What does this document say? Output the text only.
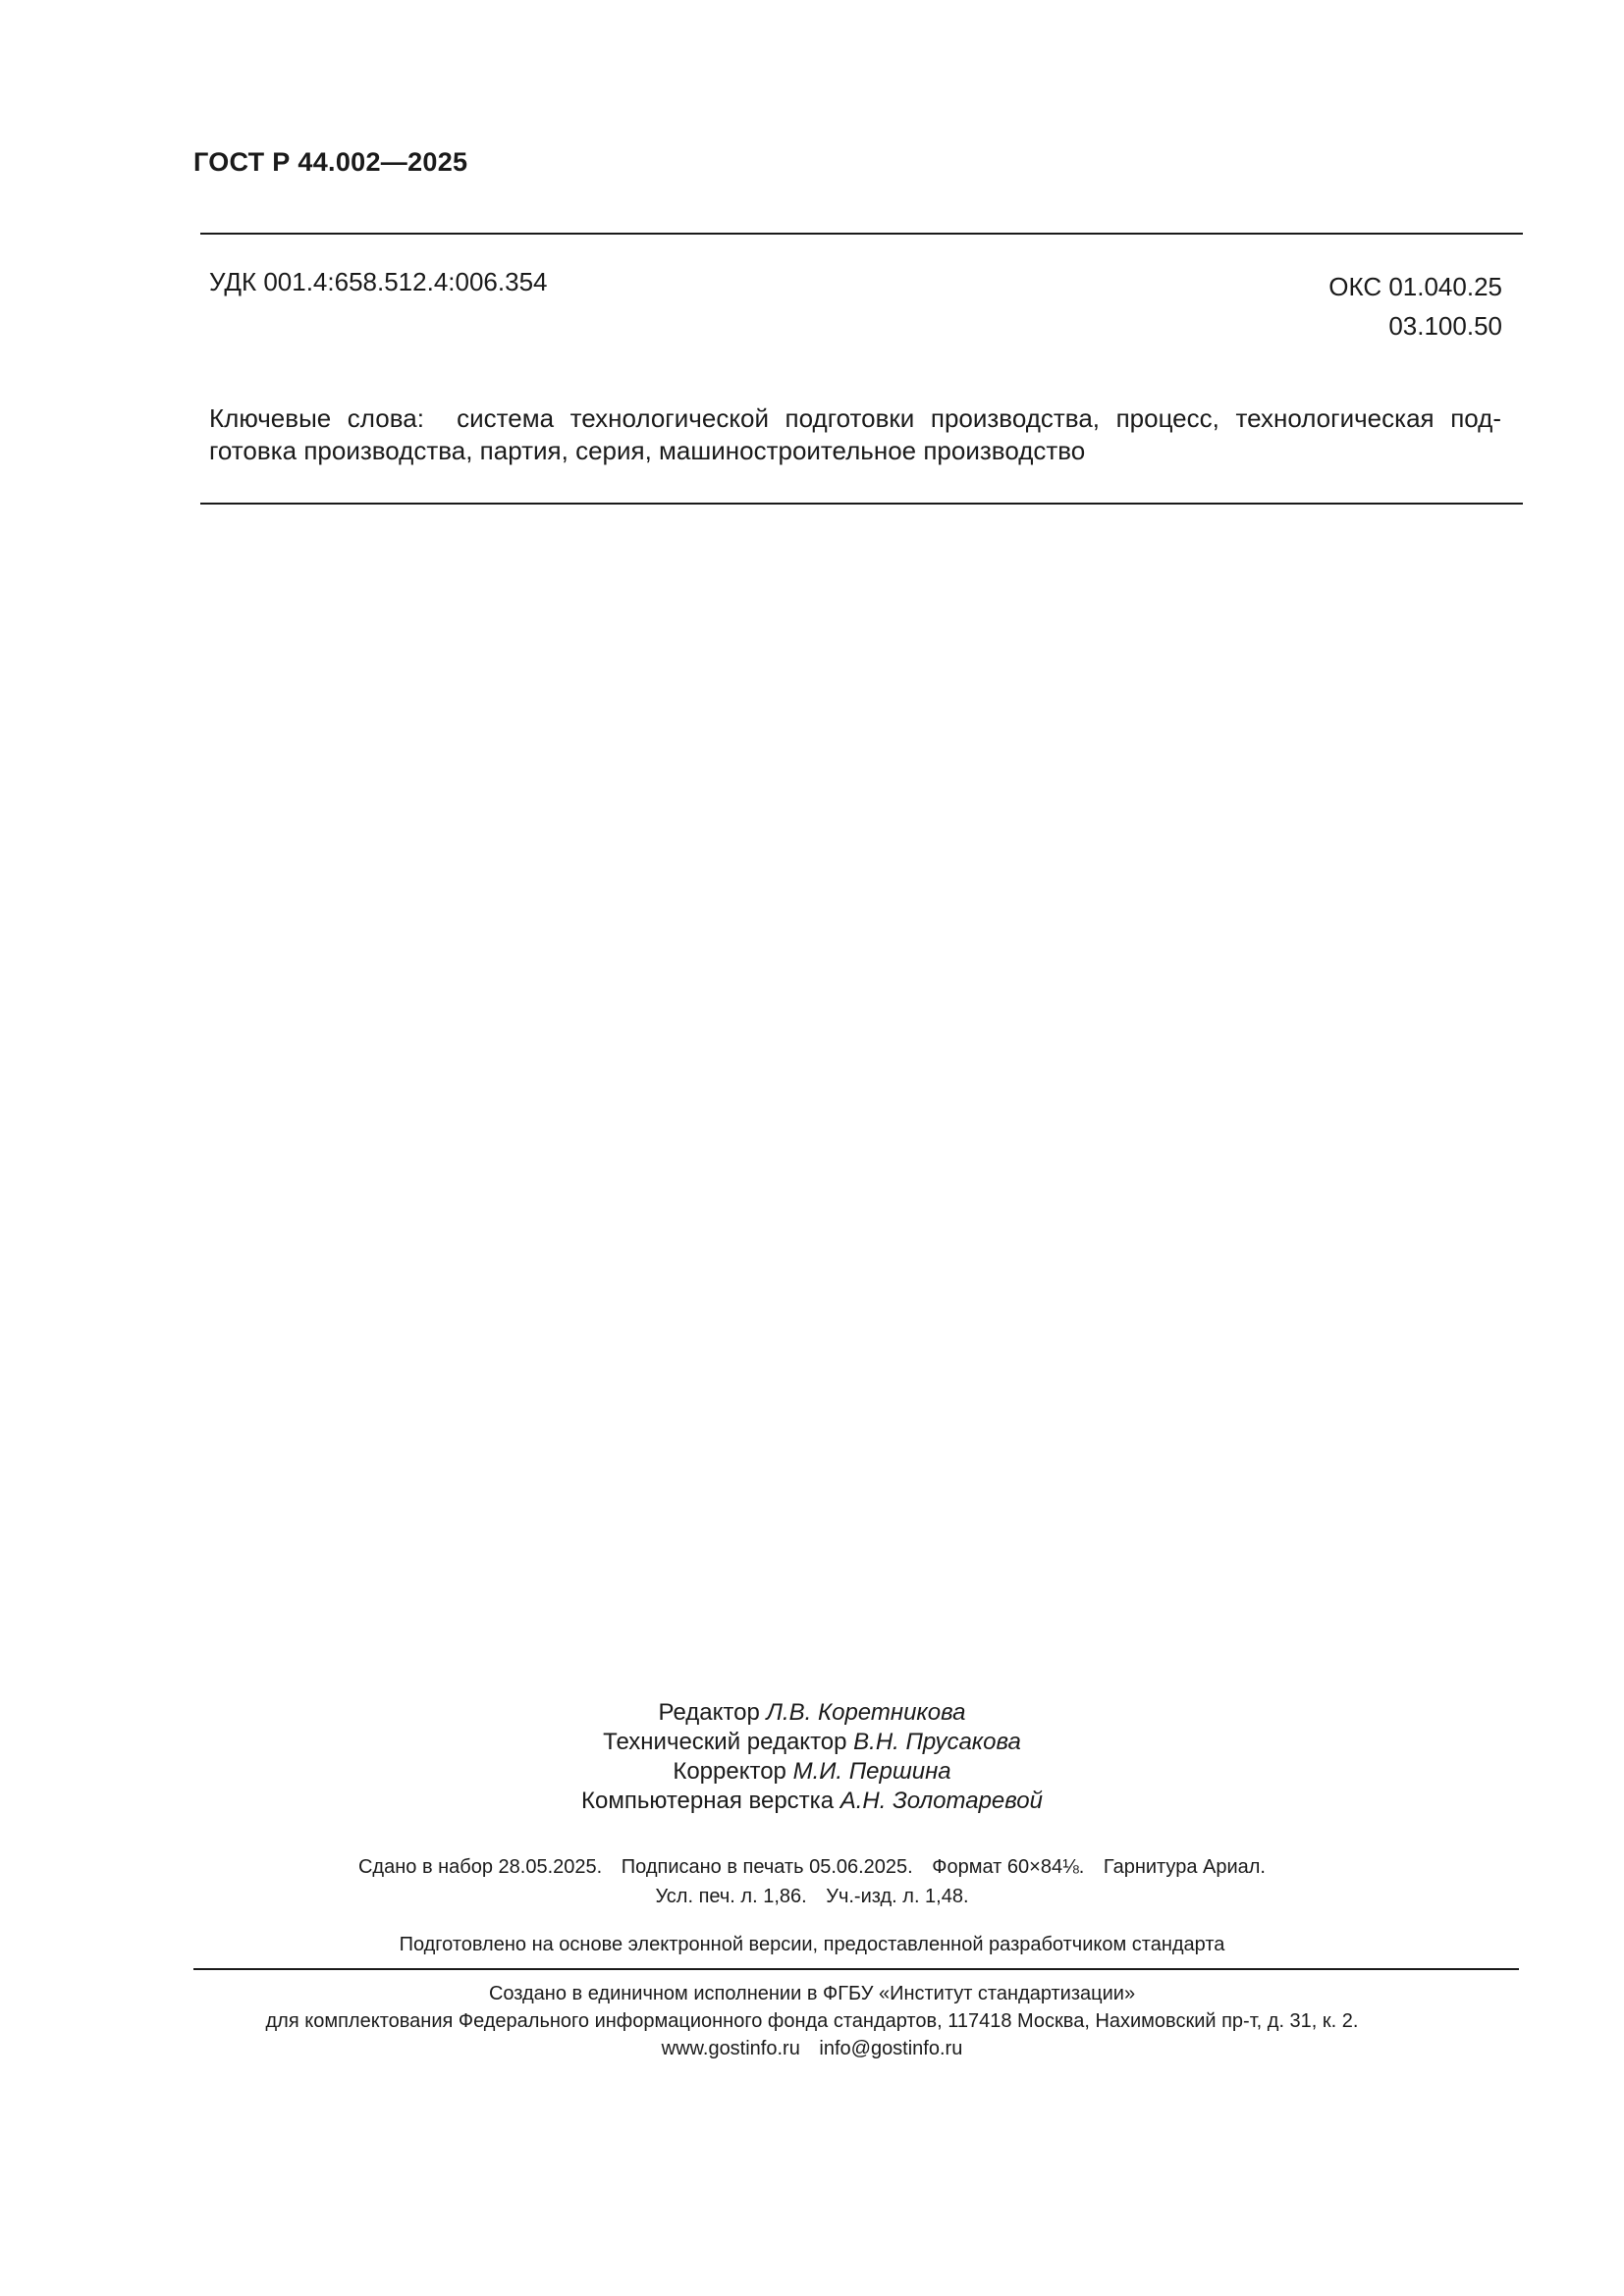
ГОСТ Р 44.002—2025
УДК 001.4:658.512.4:006.354	ОКС 01.040.25
03.100.50
Ключевые слова: система технологической подготовки производства, процесс, технологическая под-
готовка производства, партия, серия, машиностроительное производство
Редактор Л.В. Коретникова
Технический редактор В.Н. Прусакова
Корректор М.И. Першина
Компьютерная верстка А.Н. Золотаревой
Сдано в набор 28.05.2025. Подписано в печать 05.06.2025. Формат 60×84⅛. Гарнитура Ариал.
Усл. печ. л. 1,86. Уч.-изд. л. 1,48.
Подготовлено на основе электронной версии, предоставленной разработчиком стандарта
Создано в единичном исполнении в ФГБУ «Институт стандартизации»
для комплектования Федерального информационного фонда стандартов, 117418 Москва, Нахимовский пр-т, д. 31, к. 2.
www.gostinfo.ru info@gostinfo.ru
